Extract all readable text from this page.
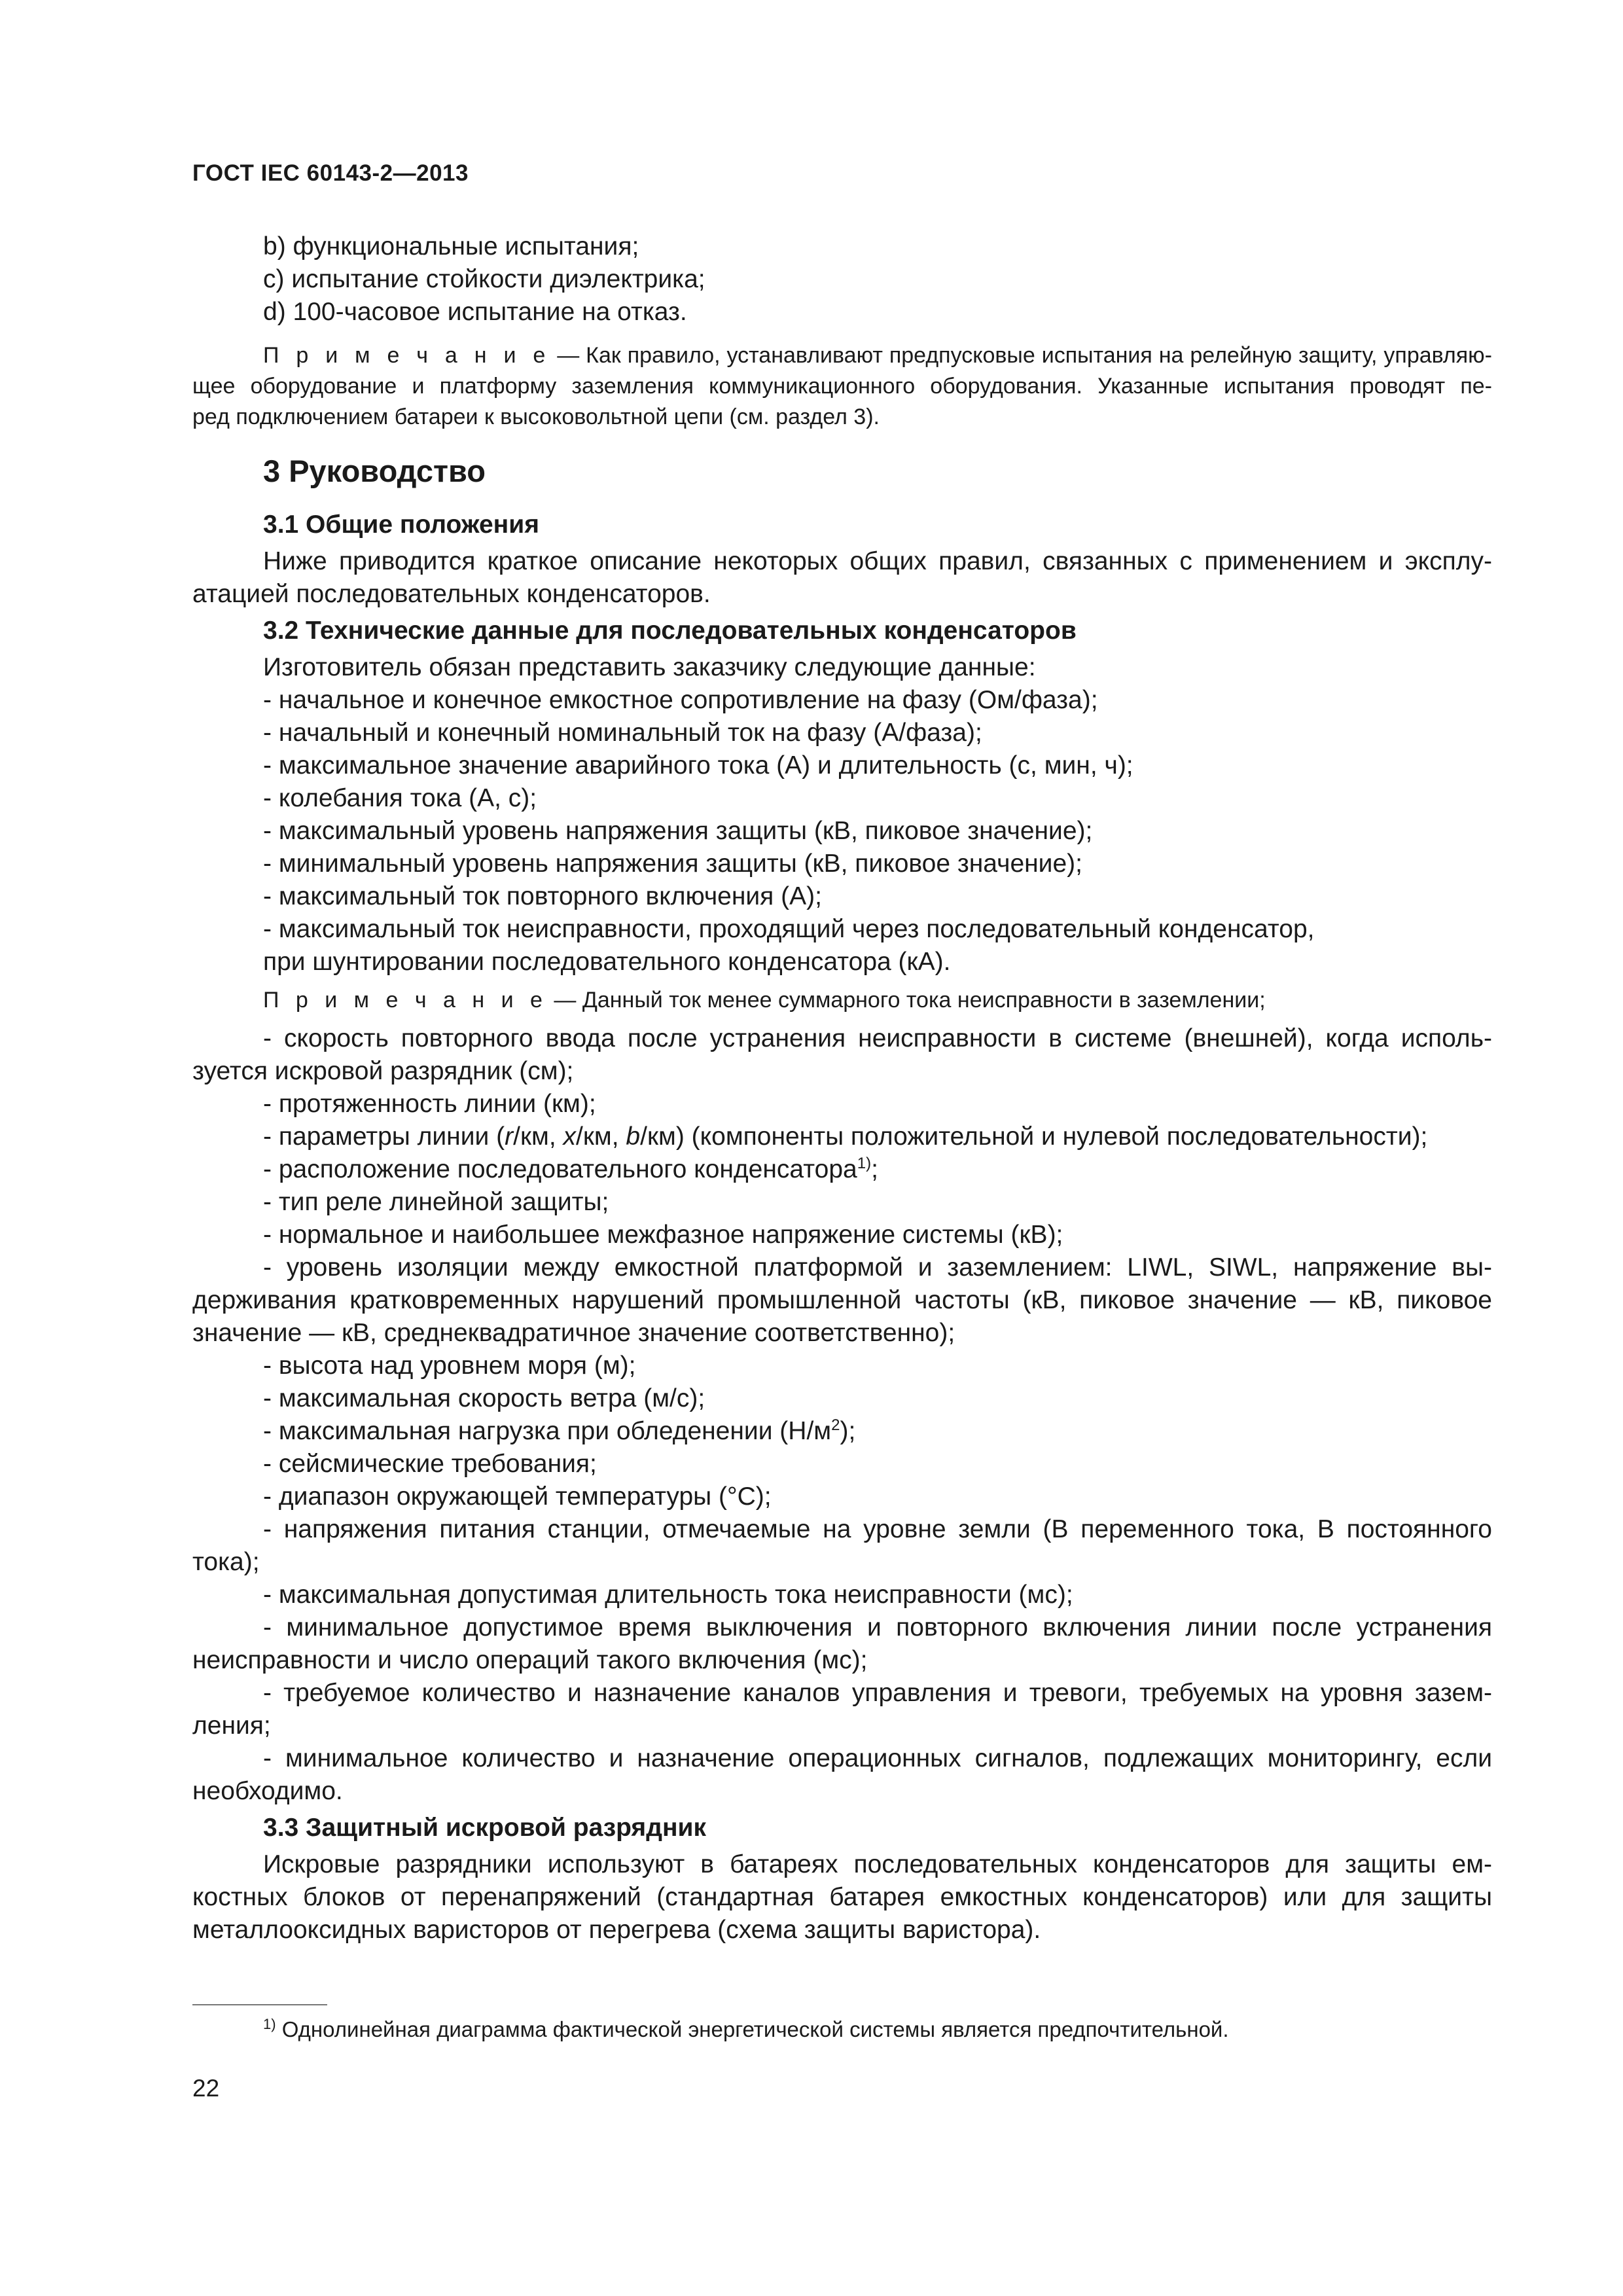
ГОСТ IEC 60143-2—2013

b) функциональные испытания;

c) испытание стойкости диэлектрика;

d) 100-часовое испытание на отказ.

П р и м е ч а н и е — Как правило, устанавливают предпусковые испытания на релейную защиту, управляю-

щее оборудование и платформу заземления коммуникационного оборудования. Указанные испытания проводят пе-

ред подключением батареи к высоковольтной цепи (см. раздел 3).

3 Руководство
3.1 Общие положения

Ниже приводится краткое описание некоторых общих правил, связанных с применением и эксплу-

атацией последовательных конденсаторов.

3.2 Технические данные для последовательных конденсаторов

Изготовитель обязан представить заказчику следующие данные:

- начальное и конечное емкостное сопротивление на фазу (Ом/фаза);

- начальный и конечный номинальный ток на фазу (А/фаза);

- максимальное значение аварийного тока (А) и длительность (с, мин, ч);

- колебания тока (А, с);

- максимальный уровень напряжения защиты (кВ, пиковое значение);

- минимальный уровень напряжения защиты (кВ, пиковое значение);

- максимальный ток повторного включения (А);

- максимальный ток неисправности, проходящий через последовательный конденсатор,

при шунтировании последовательного конденсатора (кА).

П р и м е ч а н и е — Данный ток менее суммарного тока неисправности в заземлении;

- скорость повторного ввода после устранения неисправности в системе (внешней), когда исполь-

зуется искровой разрядник (см);

- протяженность линии (км);

- параметры линии (r/км, x/км, b/км) (компоненты положительной и нулевой последовательности);

- расположение последовательного конденсатора$^{1)}$;

- тип реле линейной защиты;

- нормальное и наибольшее межфазное напряжение системы (кВ);

- уровень изоляции между емкостной платформой и заземлением: LIWL, SIWL, напряжение вы-

держивания кратковременных нарушений промышленной частоты (кВ, пиковое значение — кВ, пиковое

значение — кВ, среднеквадратичное значение соответственно);

- высота над уровнем моря (м);

- максимальная скорость ветра (м/с);

- максимальная нагрузка при обледенении $(Н/м^2)$;

- сейсмические требования;

- диапазон окружающей температуры (°С);

- напряжения питания станции, отмечаемые на уровне земли (В переменного тока, В постоянного

тока);

- максимальная допустимая длительность тока неисправности (мс);

- минимальное допустимое время выключения и повторного включения линии после устранения

неисправности и число операций такого включения (мс);

- требуемое количество и назначение каналов управления и тревоги, требуемых на уровня зазем-

ления;

- минимальное количество и назначение операционных сигналов, подлежащих мониторингу, если

необходимо.

3.3 Защитный искровой разрядник

Искровые разрядники используют в батареях последовательных конденсаторов для защиты ем-

костных блоков от перенапряжений (стандартная батарея емкостных конденсаторов) или для защиты

металлооксидных варисторов от перегрева (схема защиты варистора).

$^{1)}$ Однолинейная диаграмма фактической энергетической системы является предпочтительной.
22
